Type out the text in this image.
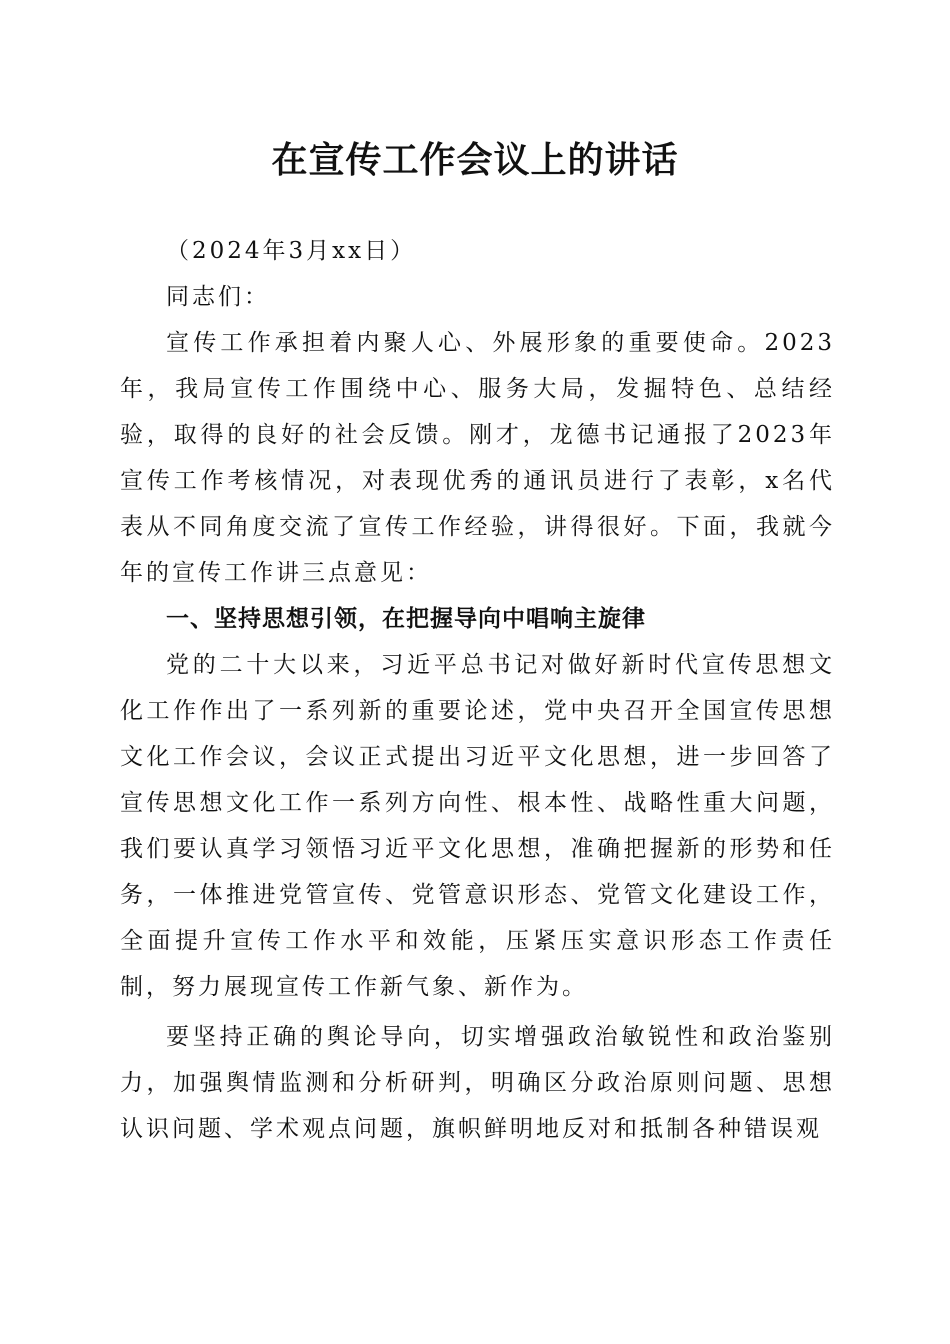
在宣传工作会议上的讲话

（2024年3月xx日）

同志们：

宣传工作承担着内聚人心、外展形象的重要使命。2023年，我局宣传工作围绕中心、服务大局，发掘特色、总结经验，取得的良好的社会反馈。刚才，龙德书记通报了2023年宣传工作考核情况，对表现优秀的通讯员进行了表彰，x名代表从不同角度交流了宣传工作经验，讲得很好。下面，我就今年的宣传工作讲三点意见：

一、坚持思想引领，在把握导向中唱响主旋律

党的二十大以来，习近平总书记对做好新时代宣传思想文化工作作出了一系列新的重要论述，党中央召开全国宣传思想文化工作会议，会议正式提出习近平文化思想，进一步回答了宣传思想文化工作一系列方向性、根本性、战略性重大问题，我们要认真学习领悟习近平文化思想，准确把握新的形势和任务，一体推进党管宣传、党管意识形态、党管文化建设工作，全面提升宣传工作水平和效能，压紧压实意识形态工作责任制，努力展现宣传工作新气象、新作为。

要坚持正确的舆论导向，切实增强政治敏锐性和政治鉴别力，加强舆情监测和分析研判，明确区分政治原则问题、思想认识问题、学术观点问题，旗帜鲜明地反对和抵制各种错误观
